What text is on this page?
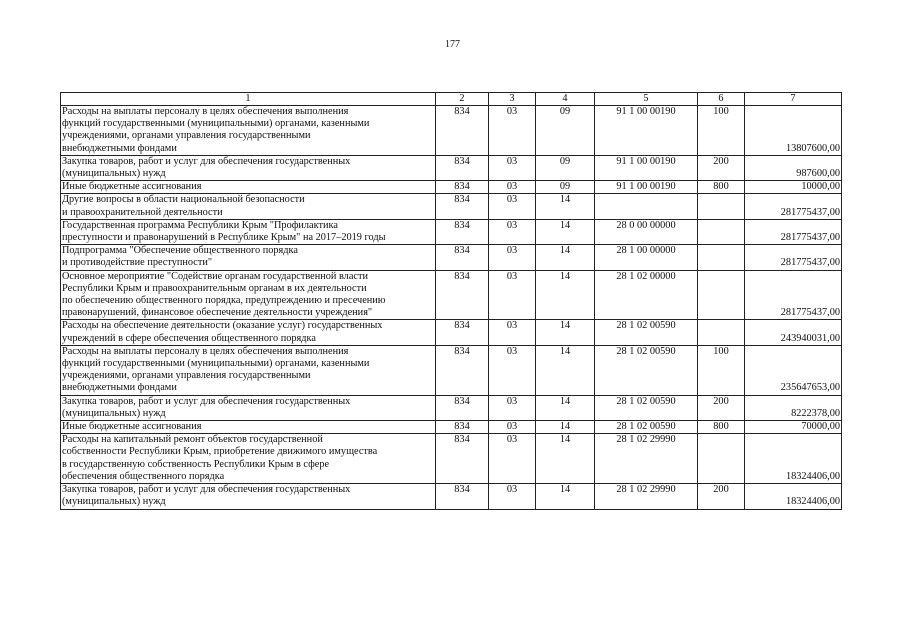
177
1	2	3	4	5	6	7

Расходы на выплаты персоналу в целях обеспечения выполнения
функций государственными (муниципальными) органами, казенными
учреждениями, органами управления государственными
внебюджетными фондами	834	03	09	91 1 00 00190	100	13807600,00

Закупка товаров, работ и услуг для обеспечения государственных
(муниципальных) нужд	834	03	09	91 1 00 00190	200	987600,00

Иные бюджетные ассигнования	834	03	09	91 1 00 00190	800	10000,00

Другие вопросы в области национальной безопасности
и правоохранительной деятельности	834	03	14			281775437,00

Государственная программа Республики Крым "Профилактика
преступности и правонарушений в Республике Крым" на 2017–2019 годы	834	03	14	28 0 00 00000		281775437,00

Подпрограмма "Обеспечение общественного порядка
и противодействие преступности"	834	03	14	28 1 00 00000		281775437,00

Основное мероприятие "Содействие органам государственной власти
Республики Крым и правоохранительным органам в их деятельности
по обеспечению общественного порядка, предупреждению и пресечению
правонарушений, финансовое обеспечение деятельности учреждения"	834	03	14	28 1 02 00000		281775437,00

Расходы на обеспечение деятельности (оказание услуг) государственных
учреждений в сфере обеспечения общественного порядка	834	03	14	28 1 02 00590		243940031,00

Расходы на выплаты персоналу в целях обеспечения выполнения
функций государственными (муниципальными) органами, казенными
учреждениями, органами управления государственными
внебюджетными фондами	834	03	14	28 1 02 00590	100	235647653,00

Закупка товаров, работ и услуг для обеспечения государственных
(муниципальных) нужд	834	03	14	28 1 02 00590	200	8222378,00

Иные бюджетные ассигнования	834	03	14	28 1 02 00590	800	70000,00

Расходы на капитальный ремонт объектов государственной
собственности Республики Крым, приобретение движимого имущества
в государственную собственность Республики Крым в сфере
обеспечения общественного порядка	834	03	14	28 1 02 29990		18324406,00

Закупка товаров, работ и услуг для обеспечения государственных
(муниципальных) нужд	834	03	14	28 1 02 29990	200	18324406,00
